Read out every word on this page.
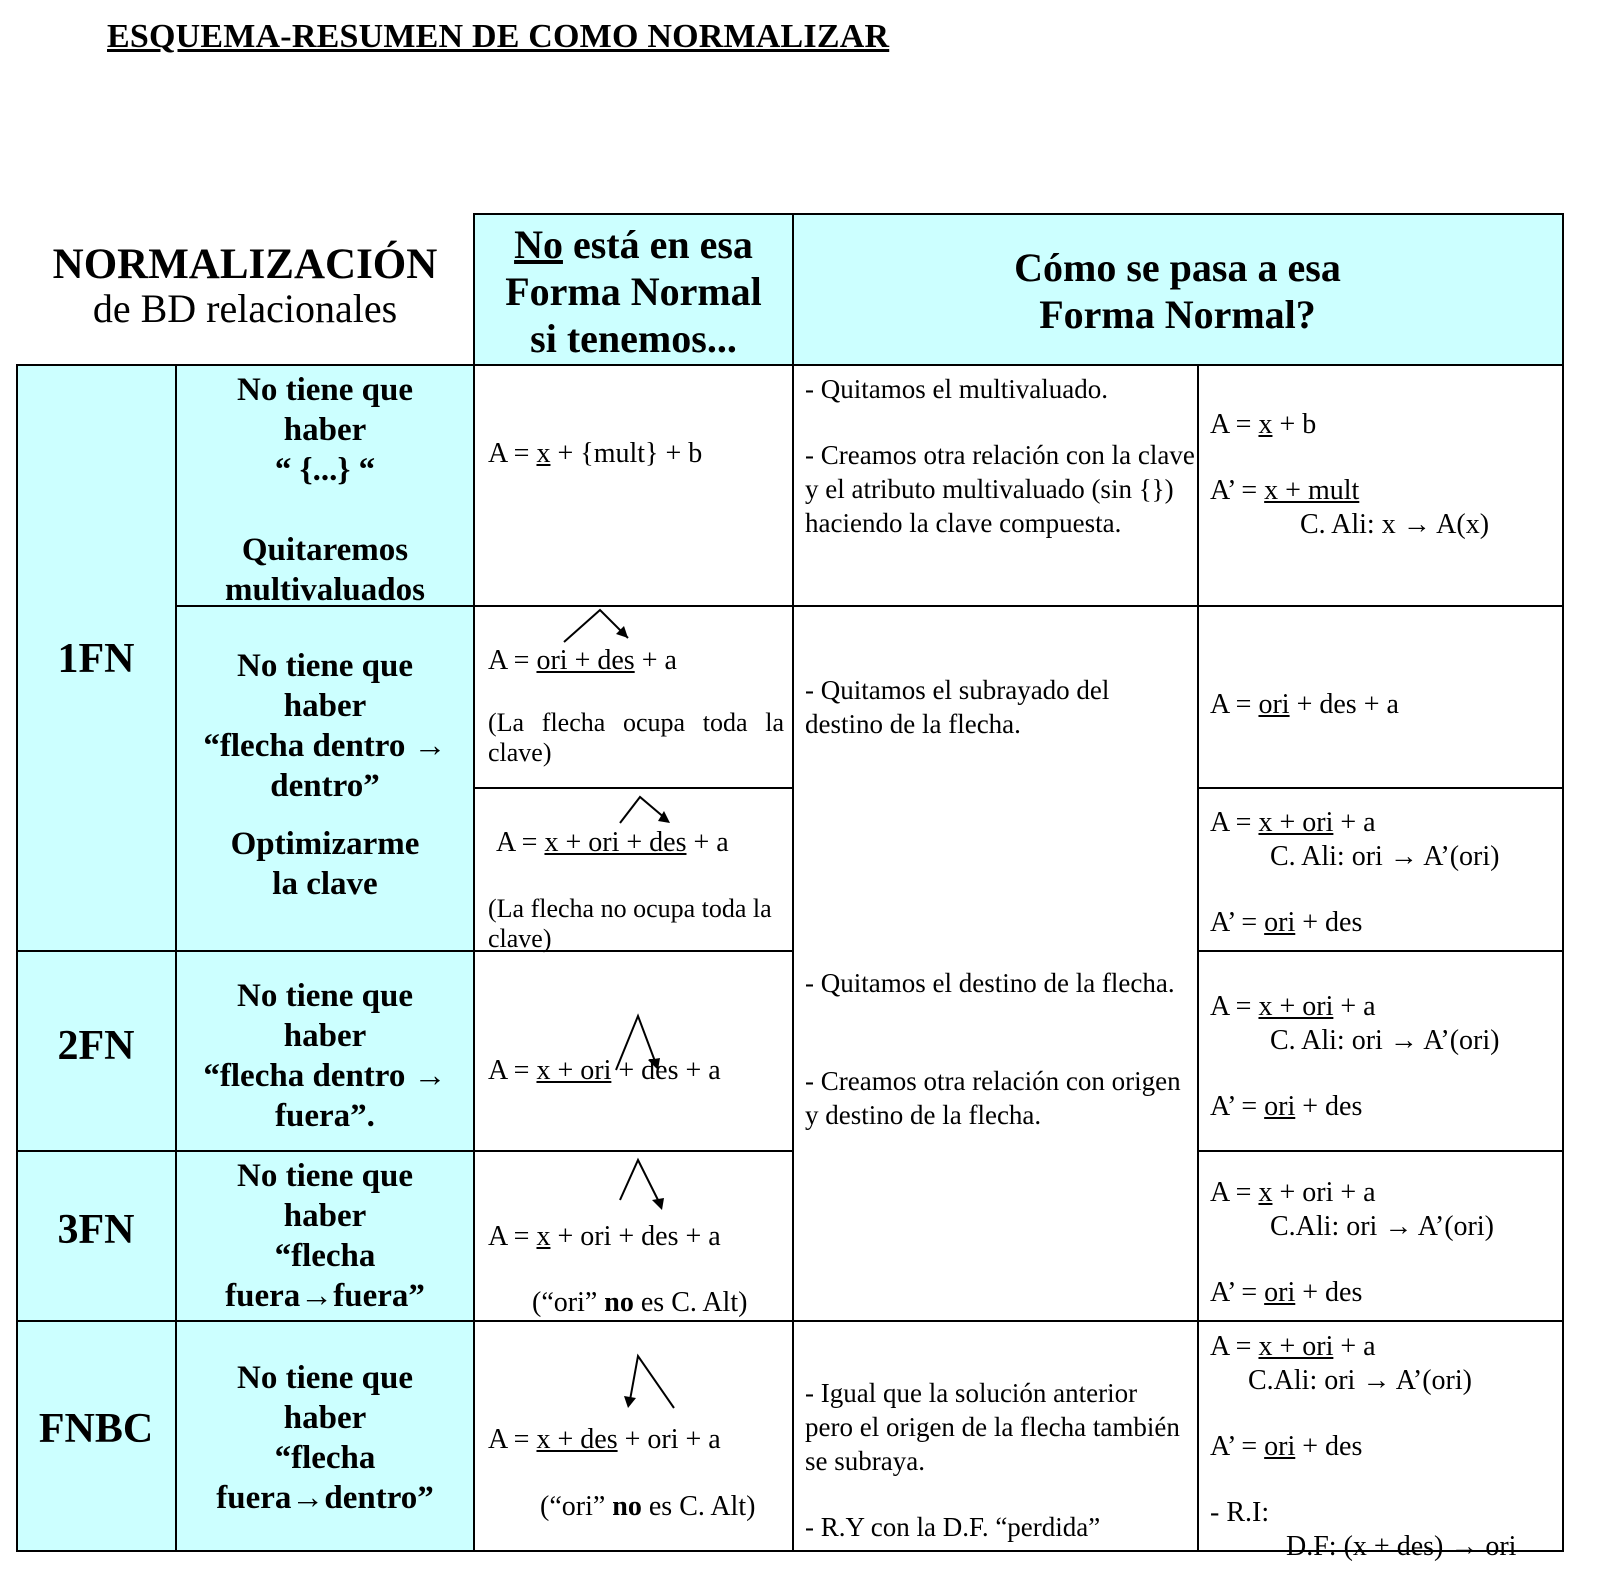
ESQUEMA-RESUMEN DE COMO NORMALIZAR
NORMALIZACIÓN
de BD relacionales
No está en esa
Forma Normal
si tenemos...
Cómo se pasa a esa
Forma Normal?
1FN
2FN
3FN
FNBC
No tiene que
haber
“ {...} “
Quitaremos
multivaluados
No tiene que
haber
“flecha dentro →
dentro”
Optimizarme
la clave
No tiene que
haber
“flecha dentro →
fuera”.
No tiene que
haber
“flecha
fuera→fuera”
No tiene que
haber
“flecha
fuera→dentro”
A = x + {mult} + b
A = ori + des + a
(La flecha ocupa toda la clave)
A = x + ori + des + a
(La flecha no ocupa toda la clave)
A = x + ori + des + a
A = x + ori + des + a
(“ori” no es C. Alt)
A = x + des + ori + a
(“ori” no es C. Alt)
- Quitamos el multivaluado.
- Creamos otra relación con la clave y el atributo multivaluado (sin {}) haciendo la clave compuesta.
- Quitamos el subrayado del destino de la flecha.
- Quitamos el destino de la flecha.
- Creamos otra relación con origen y destino de la flecha.
- Igual que la solución anterior pero el origen de la flecha también se subraya.
- R.Y con la D.F. “perdida”
A = x + b
A’ = x + mult
C. Ali: x → A(x)
A = ori + des + a
A = x + ori + a
C. Ali: ori → A’(ori)
A’ = ori + des
A = x + ori + a
C. Ali: ori → A’(ori)
A’ = ori + des
A = x + ori + a
C.Ali: ori → A’(ori)
A’ = ori + des
A = x + ori + a
C.Ali: ori → A’(ori)
A’ = ori + des
- R.I:
D.F: (x + des) → ori
